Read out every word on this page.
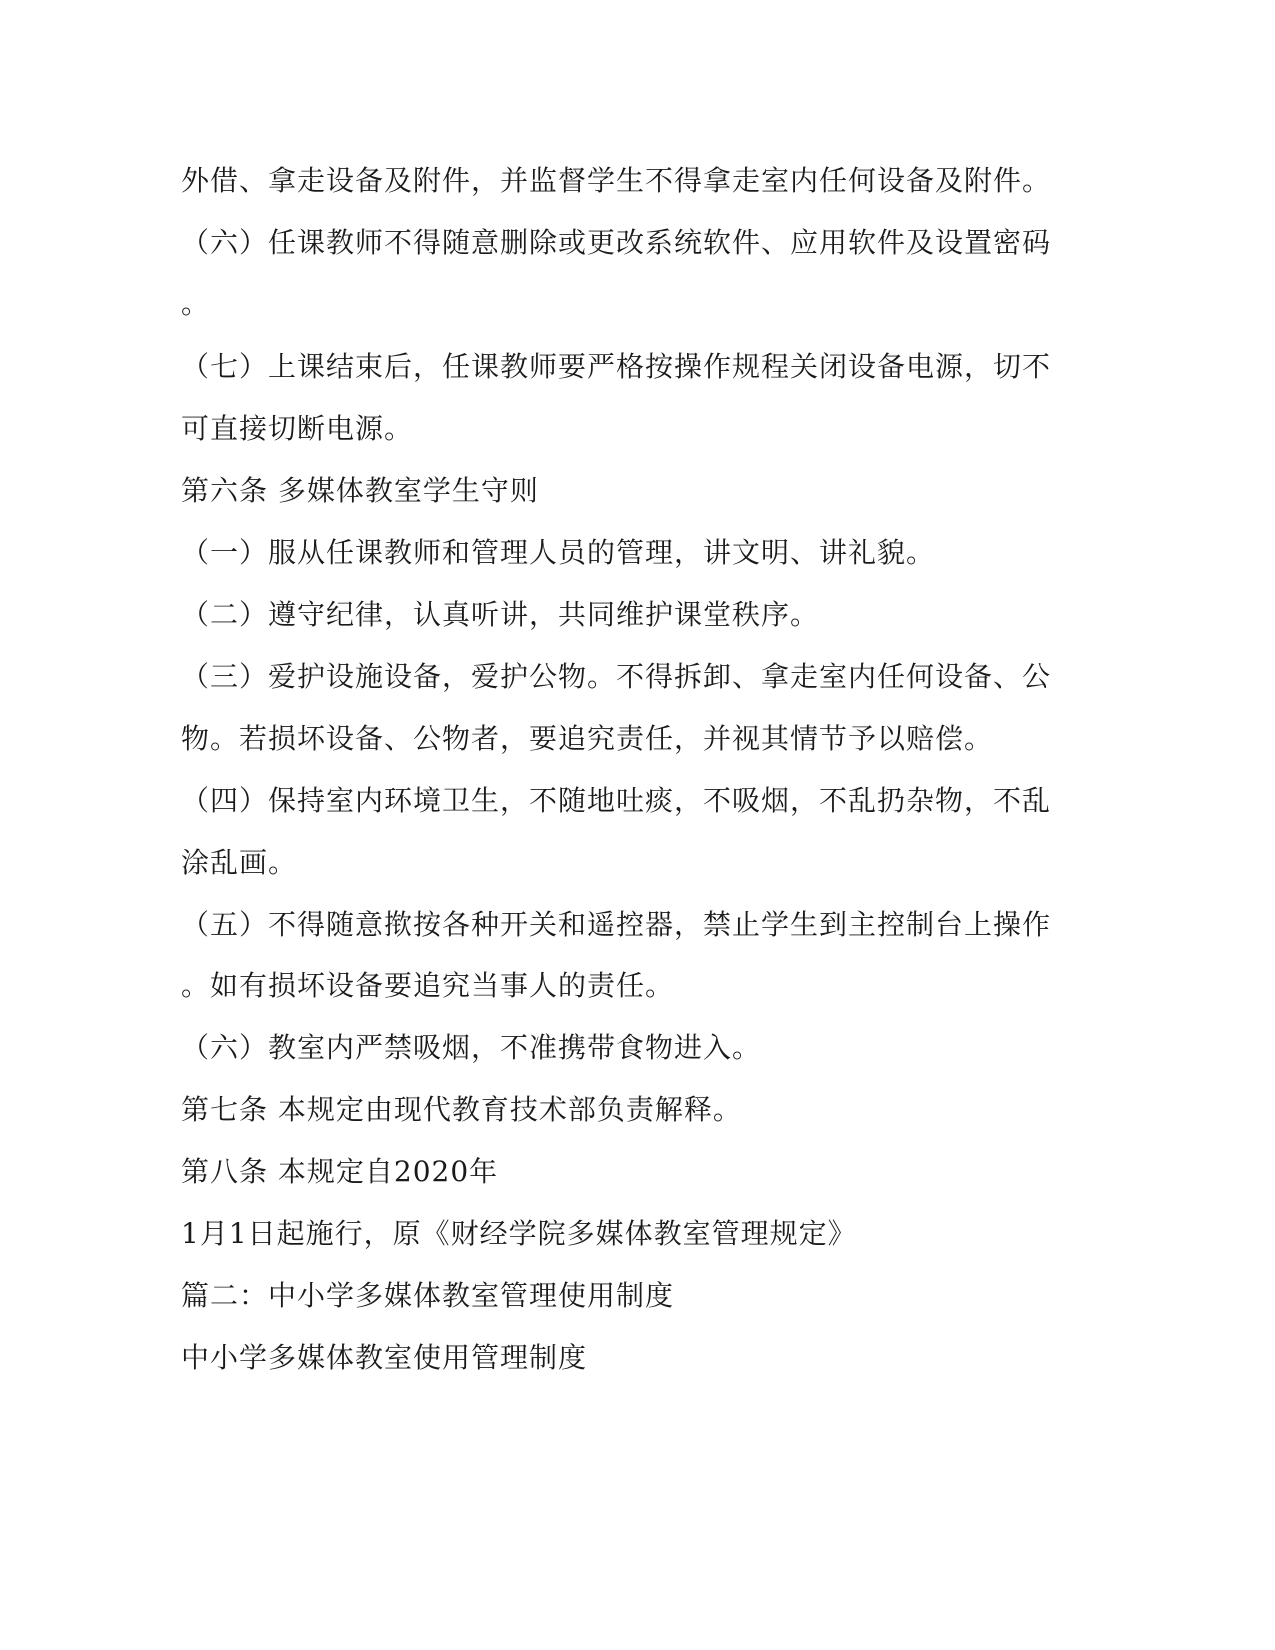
外借、拿走设备及附件，并监督学生不得拿走室内任何设备及附件。
（六）任课教师不得随意删除或更改系统软件、应用软件及设置密码
。
（七）上课结束后，任课教师要严格按操作规程关闭设备电源，切不
可直接切断电源。
第六条 多媒体教室学生守则
（一）服从任课教师和管理人员的管理，讲文明、讲礼貌。
（二）遵守纪律，认真听讲，共同维护课堂秩序。
（三）爱护设施设备，爱护公物。不得拆卸、拿走室内任何设备、公
物。若损坏设备、公物者，要追究责任，并视其情节予以赔偿。
（四）保持室内环境卫生，不随地吐痰，不吸烟，不乱扔杂物，不乱
涂乱画。
（五）不得随意揿按各种开关和遥控器，禁止学生到主控制台上操作
。如有损坏设备要追究当事人的责任。
（六）教室内严禁吸烟，不准携带食物进入。
第七条 本规定由现代教育技术部负责解释。
第八条 本规定自2020年
1月1日起施行，原《财经学院多媒体教室管理规定》
篇二：中小学多媒体教室管理使用制度
中小学多媒体教室使用管理制度
